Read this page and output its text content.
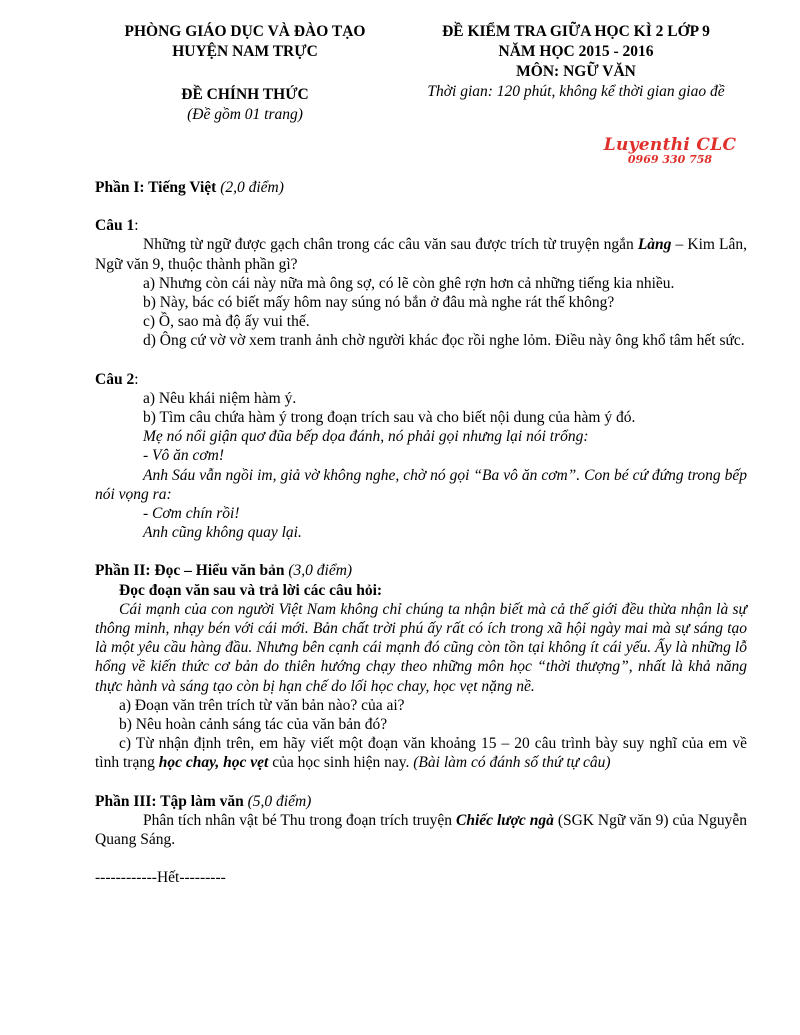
PHÒNG GIÁO DỤC VÀ ĐÀO TẠO
HUYỆN NAM TRỰC
ĐỀ CHÍNH THỨC
(Đề gồm 01 trang)
ĐỀ KIỂM TRA GIỮA HỌC KÌ 2 LỚP 9
NĂM HỌC 2015 - 2016
MÔN: NGỮ VĂN
Thời gian: 120 phút, không kể thời gian giao đề
Luyenthi CLC
0969 330 758

Phần I: Tiếng Việt (2,0 điểm)

Câu 1:

Những từ ngữ được gạch chân trong các câu văn sau được trích từ truyện ngắn Làng – Kim Lân, Ngữ văn 9, thuộc thành phần gì?

a) Nhưng còn cái này nữa mà ông sợ, có lẽ còn ghê rợn hơn cả những tiếng kia nhiều.

b) Này, bác có biết mấy hôm nay súng nó bắn ở đâu mà nghe rát thế không?

c) Ồ, sao mà độ ấy vui thế.

d) Ông cứ vờ vờ xem tranh ảnh chờ người khác đọc rồi nghe lỏm. Điều này ông khổ tâm hết sức.

Câu 2:

a) Nêu khái niệm hàm ý.

b) Tìm câu chứa hàm ý trong đoạn trích sau và cho biết nội dung của hàm ý đó.

Mẹ nó nổi giận quơ đũa bếp dọa đánh, nó phải gọi nhưng lại nói trổng:

- Vô ăn cơm!

Anh Sáu vẫn ngồi im, giả vờ không nghe, chờ nó gọi “Ba vô ăn cơm”. Con bé cứ đứng trong bếp nói vọng ra:

- Cơm chín rồi!

Anh cũng không quay lại.

Phần II: Đọc – Hiểu văn bản (3,0 điểm)

Đọc đoạn văn sau và trả lời các câu hỏi:

Cái mạnh của con người Việt Nam không chỉ chúng ta nhận biết mà cả thế giới đều thừa nhận là sự thông minh, nhạy bén với cái mới. Bản chất trời phú ấy rất có ích trong xã hội ngày mai mà sự sáng tạo là một yêu cầu hàng đầu. Nhưng bên cạnh cái mạnh đó cũng còn tồn tại không ít cái yếu. Ấy là những lỗ hổng về kiến thức cơ bản do thiên hướng chạy theo những môn học “thời thượng”, nhất là khả năng thực hành và sáng tạo còn bị hạn chế do lối học chay, học vẹt nặng nề.

a) Đoạn văn trên trích từ văn bản nào? của ai?

b) Nêu hoàn cảnh sáng tác của văn bản đó?

c) Từ nhận định trên, em hãy viết một đoạn văn khoảng 15 – 20 câu trình bày suy nghĩ của em về tình trạng học chay, học vẹt của học sinh hiện nay. (Bài làm có đánh số thứ tự câu)

Phần III: Tập làm văn (5,0 điểm)

Phân tích nhân vật bé Thu trong đoạn trích truyện Chiếc lược ngà (SGK Ngữ văn 9) của Nguyễn Quang Sáng.

------------Hết---------
